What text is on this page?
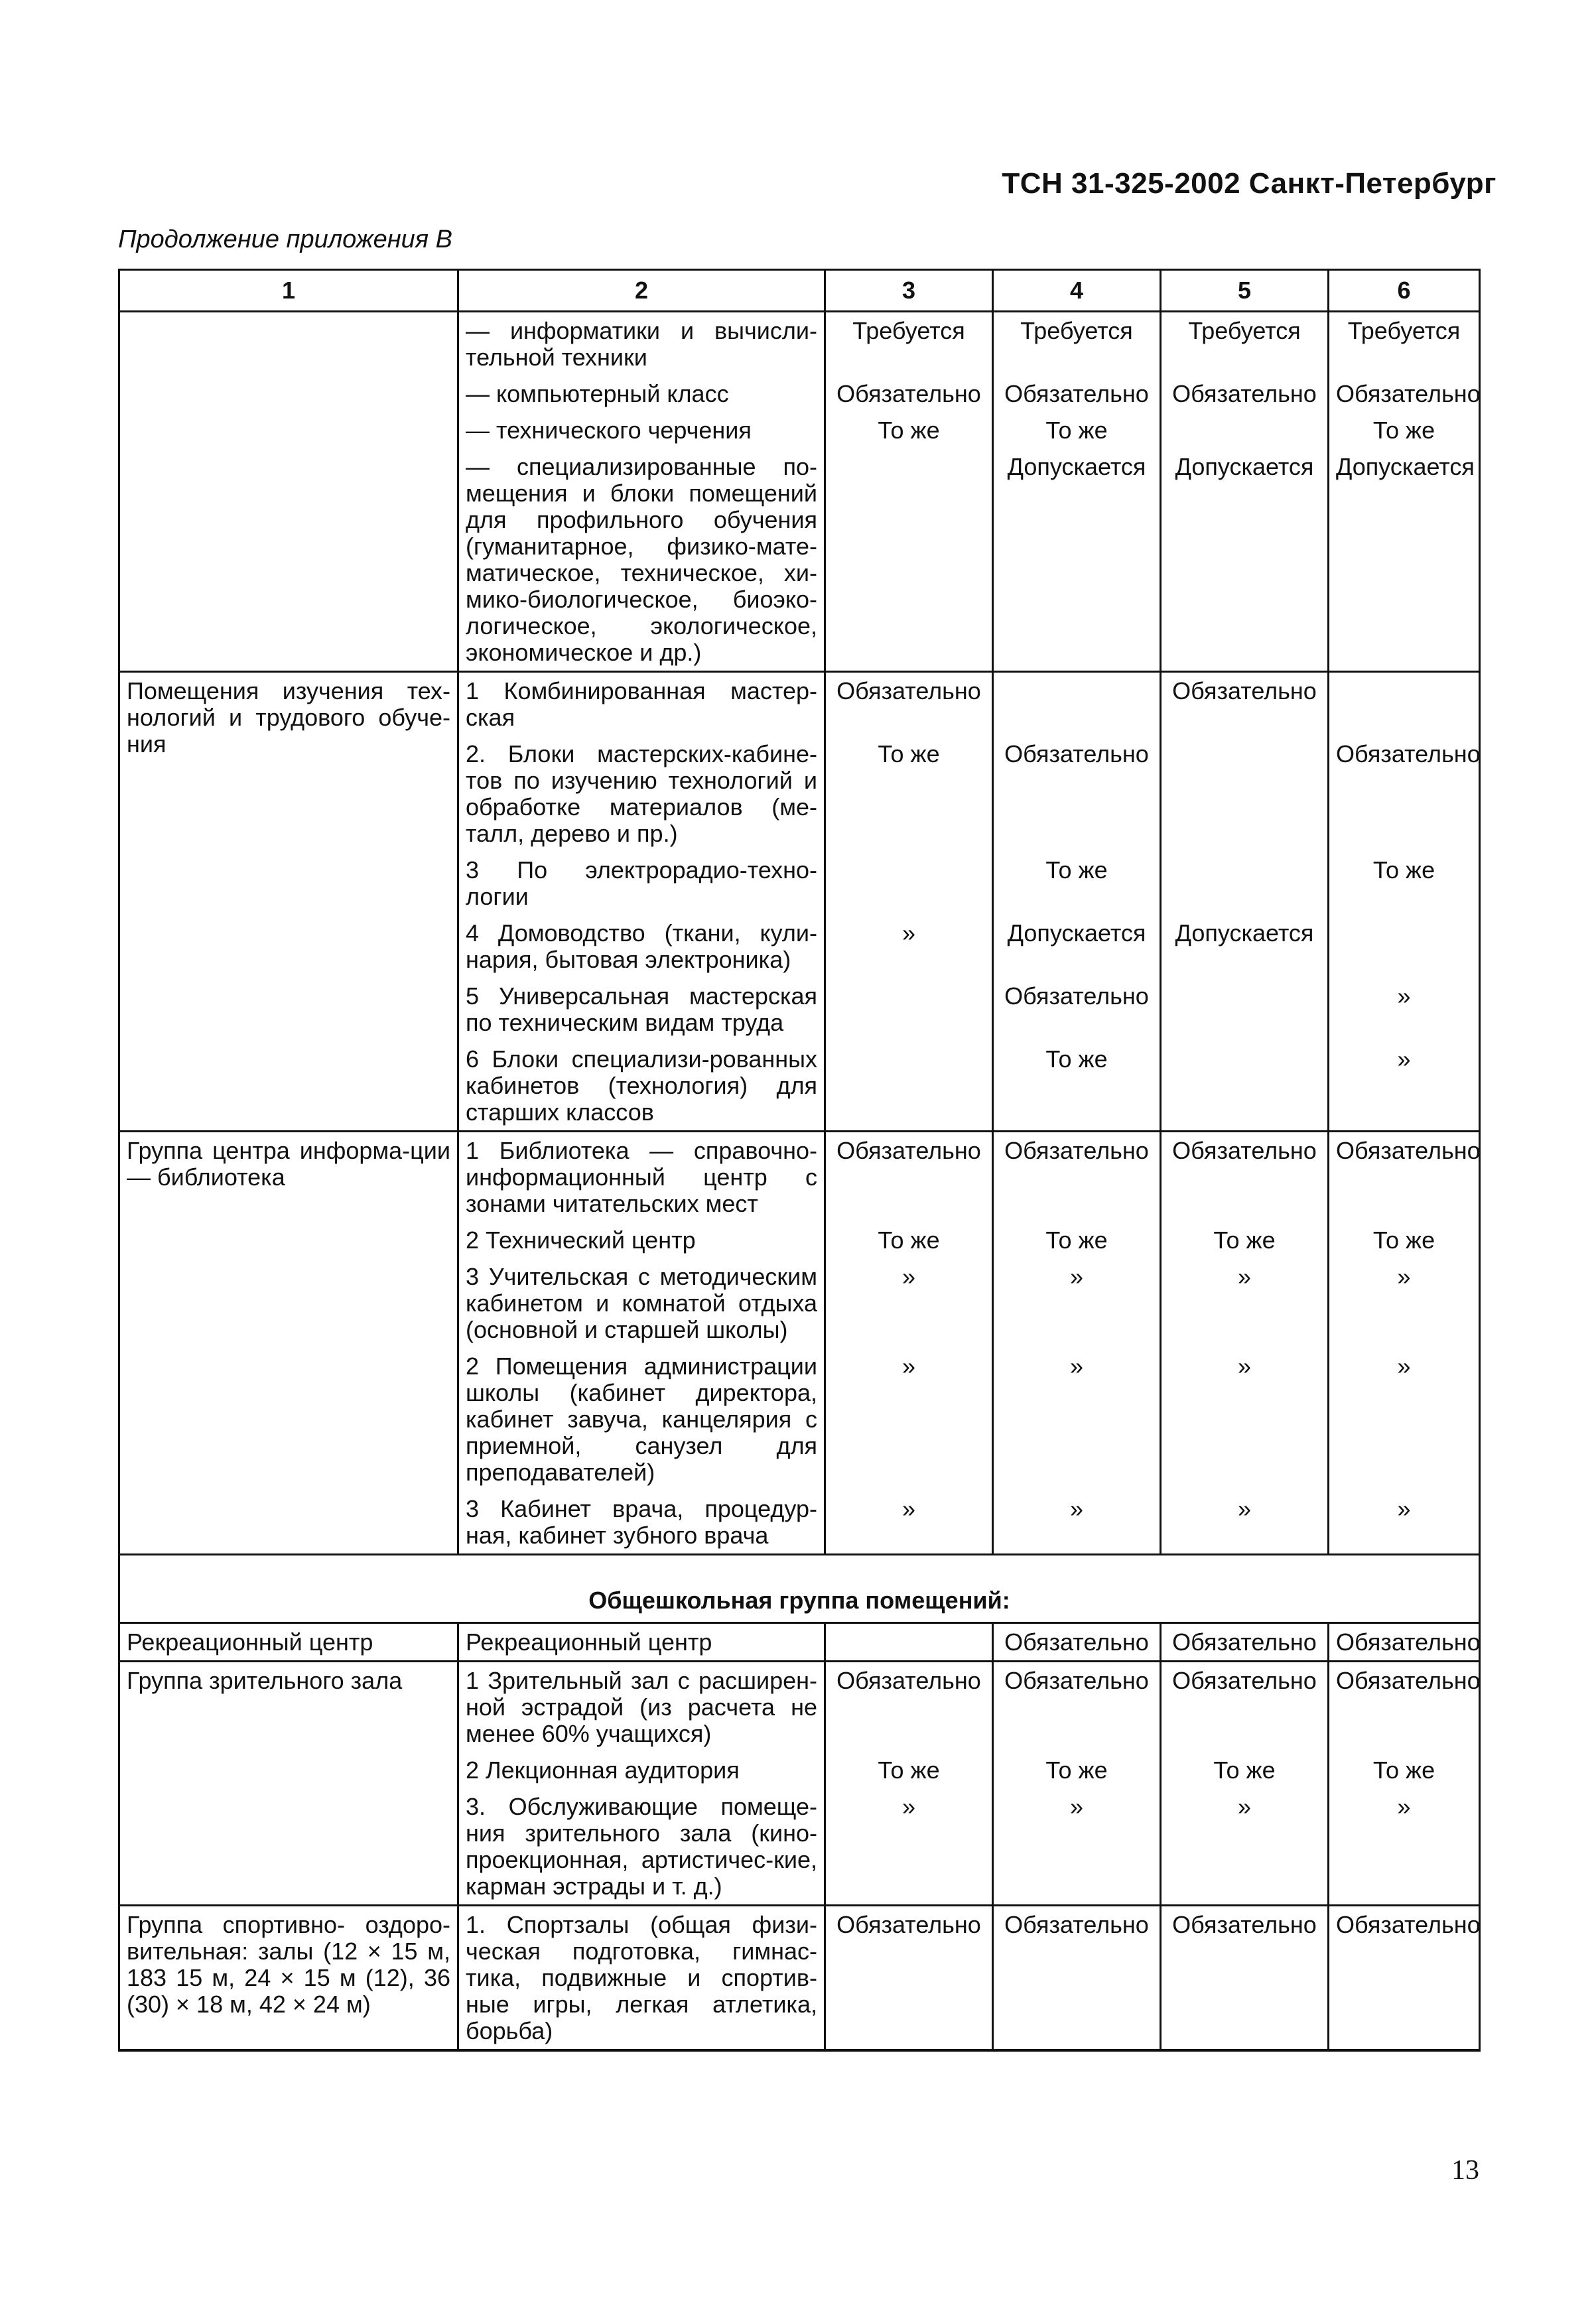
ТСН 31-325-2002 Санкт-Петербург
Продолжение приложения В
1	2	3	4	5	6
	— информатики и вычисли-тельной техники	Требуется	Требуется	Требуется	Требуется
	— компьютерный класс	Обязательно	Обязательно	Обязательно	Обязательно
	— технического черчения	То же	То же		То же
	— специализированные по-мещения и блоки помещений для профильного обучения (гуманитарное, физико-мате-матическое, техническое, хи-мико-биологическое, биоэко-логическое, экологическое, экономическое и др.)		Допускается	Допускается	Допускается
Помещения изучения тех-нологий и трудового обуче-ния	1 Комбинированная мастер-ская	Обязательно		Обязательно	
	2. Блоки мастерских-кабине-тов по изучению технологий и обработке материалов (ме-талл, дерево и пр.)	То же	Обязательно		Обязательно
	3 По электрорадио-техно-логии		То же		То же
	4 Домоводство (ткани, кули-нария, бытовая электроника)	»	Допускается	Допускается	
	5 Универсальная мастерская по техническим видам труда		Обязательно		»
	6 Блоки специализи-рованных кабинетов (технология) для старших классов		То же		»
Группа центра информа-ции — библиотека	1 Библиотека — справочно-информационный центр с зонами читательских мест	Обязательно	Обязательно	Обязательно	Обязательно
	2 Технический центр	То же	То же	То же	То же
	3 Учительская с методическим кабинетом и комнатой отдыха (основной и старшей школы)	»	»	»	»
	2 Помещения администрации школы (кабинет директора, кабинет завуча, канцелярия с приемной, санузел для преподавателей)	»	»	»	»
	3 Кабинет врача, процедур-ная, кабинет зубного врача	»	»	»	»
Общешкольная группа помещений:					
Рекреационный центр	Рекреационный центр		Обязательно	Обязательно	Обязательно
Группа зрительного зала	1 Зрительный зал с расширен-ной эстрадой (из расчета не менее 60% учащихся)	Обязательно	Обязательно	Обязательно	Обязательно
	2 Лекционная аудитория	То же	То же	То же	То же
	3. Обслуживающие помеще-ния зрительного зала (кино-проекционная, артистичес-кие, карман эстрады и т. д.)	»	»	»	»
Группа спортивно- оздоро-вительная: залы (12 × 15 м, 183 15 м, 24 × 15 м (12), 36 (30) × 18 м, 42 × 24 м)	1. Спортзалы (общая физи-ческая подготовка, гимнас-тика, подвижные и спортив-ные игры, легкая атлетика, борьба)	Обязательно	Обязательно	Обязательно	Обязательно
13
